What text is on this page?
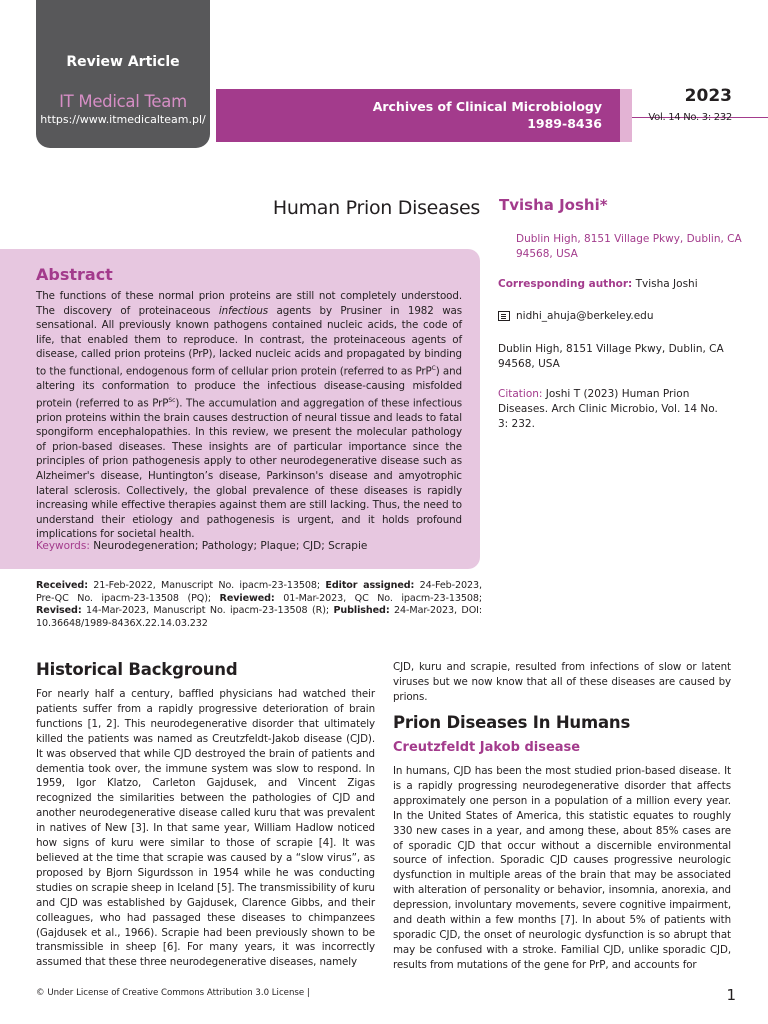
Review Article
IT Medical Team
https://www.itmedicalteam.pl/
Archives of Clinical Microbiology
1989-8436
2023
Vol. 14 No. 3: 232
Human Prion Diseases Tvisha Joshi*
Dublin High, 8151 Village Pkwy, Dublin, CA 94568, USA
Corresponding author: Tvisha Joshi
nidhi_ahuja@berkeley.edu
Dublin High, 8151 Village Pkwy, Dublin, CA 94568, USA
Citation: Joshi T (2023) Human Prion Diseases. Arch Clinic Microbio, Vol. 14 No. 3: 232.
Abstract
The functions of these normal prion proteins are still not completely understood. The discovery of proteinaceous infectious agents by Prusiner in 1982 was sensational. All previously known pathogens contained nucleic acids, the code of life, that enabled them to reproduce. In contrast, the proteinaceous agents of disease, called prion proteins (PrP), lacked nucleic acids and propagated by binding to the functional, endogenous form of cellular prion protein (referred to as PrP$^C$) and altering its conformation to produce the infectious disease-causing misfolded protein (referred to as PrP$^{Sc}$). The accumulation and aggregation of these infectious prion proteins within the brain causes destruction of neural tissue and leads to fatal spongiform encephalopathies. In this review, we present the molecular pathology of prion-based diseases. These insights are of particular importance since the principles of prion pathogenesis apply to other neurodegenerative disease such as Alzheimer's disease, Huntington’s disease, Parkinson's disease and amyotrophic lateral sclerosis. Collectively, the global prevalence of these diseases is rapidly increasing while effective therapies against them are still lacking. Thus, the need to understand their etiology and pathogenesis is urgent, and it holds profound implications for societal health.
Keywords: Neurodegeneration; Pathology; Plaque; CJD; Scrapie
Received: 21-Feb-2022, Manuscript No. ipacm-23-13508; Editor assigned: 24-Feb-2023, Pre-QC No. ipacm-23-13508 (PQ); Reviewed: 01-Mar-2023, QC No. ipacm-23-13508; Revised: 14-Mar-2023, Manuscript No. ipacm-23-13508 (R); Published: 24-Mar-2023, DOI: 10.36648/1989-8436X.22.14.03.232
Historical Background
For nearly half a century, baffled physicians had watched their patients suffer from a rapidly progressive deterioration of brain functions [1, 2]. This neurodegenerative disorder that ultimately killed the patients was named as Creutzfeldt-Jakob disease (CJD). It was observed that while CJD destroyed the brain of patients and dementia took over, the immune system was slow to respond. In 1959, Igor Klatzo, Carleton Gajdusek, and Vincent Zigas recognized the similarities between the pathologies of CJD and another neurodegenerative disease called kuru that was prevalent in natives of New [3]. In that same year, William Hadlow noticed how signs of kuru were similar to those of scrapie [4]. It was believed at the time that scrapie was caused by a “slow virus”, as proposed by Bjorn Sigurdsson in 1954 while he was conducting studies on scrapie sheep in Iceland [5]. The transmissibility of kuru and CJD was established by Gajdusek, Clarence Gibbs, and their colleagues, who had passaged these diseases to chimpanzees (Gajdusek et al., 1966). Scrapie had been previously shown to be transmissible in sheep [6]. For many years, it was incorrectly assumed that these three neurodegenerative diseases, namely
CJD, kuru and scrapie, resulted from infections of slow or latent viruses but we now know that all of these diseases are caused by prions.
Prion Diseases In Humans
Creutzfeldt Jakob disease
In humans, CJD has been the most studied prion-based disease. It is a rapidly progressing neurodegenerative disorder that affects approximately one person in a population of a million every year. In the United States of America, this statistic equates to roughly 330 new cases in a year, and among these, about 85% cases are of sporadic CJD that occur without a discernible environmental source of infection. Sporadic CJD causes progressive neurologic dysfunction in multiple areas of the brain that may be associated with alteration of personality or behavior, insomnia, anorexia, and depression, involuntary movements, severe cognitive impairment, and death within a few months [7]. In about 5% of patients with sporadic CJD, the onset of neurologic dysfunction is so abrupt that may be confused with a stroke. Familial CJD, unlike sporadic CJD, results from mutations of the gene for PrP, and accounts for
© Under License of Creative Commons Attribution 3.0 License |	1
